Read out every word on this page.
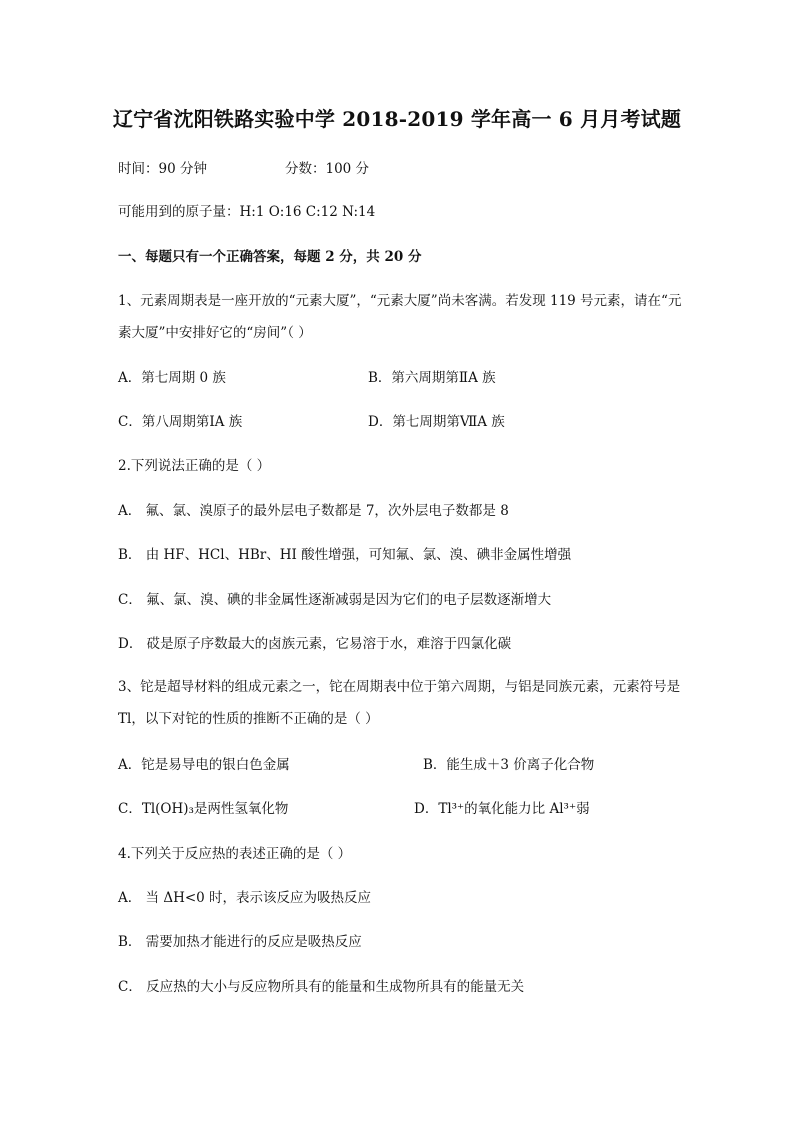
辽宁省沈阳铁路实验中学 2018-2019 学年高一 6 月月考试题
时间：90 分钟	分数：100 分
可能用到的原子量：H:1 O:16 C:12 N:14
一、每题只有一个正确答案，每题 2 分，共 20 分
1、元素周期表是一座开放的“元素大厦”，“元素大厦”尚未客满。若发现 119 号元素，请在“元素大厦”中安排好它的“房间”（ ）
A．第七周期 0 族	B．第六周期第ⅡA 族
C．第八周期第ⅠA 族	D．第七周期第ⅦA 族
2.下列说法正确的是（ ）
A． 氟、氯、溴原子的最外层电子数都是 7，次外层电子数都是 8
B． 由 HF、HCl、HBr、HI 酸性增强，可知氟、氯、溴、碘非金属性增强
C． 氟、氯、溴、碘的非金属性逐渐减弱是因为它们的电子层数逐渐增大
D． 砹是原子序数最大的卤族元素，它易溶于水，难溶于四氯化碳
3、铊是超导材料的组成元素之一，铊在周期表中位于第六周期，与铝是同族元素，元素符号是 Tl，以下对铊的性质的推断不正确的是（ ）
A．铊是易导电的银白色金属	B．能生成＋3 价离子化合物
C．Tl(OH)₃是两性氢氧化物	D．Tl³⁺的氧化能力比 Al³⁺弱
4.下列关于反应热的表述正确的是（ ）
A． 当 ΔH<0 时，表示该反应为吸热反应
B． 需要加热才能进行的反应是吸热反应
C． 反应热的大小与反应物所具有的能量和生成物所具有的能量无关
